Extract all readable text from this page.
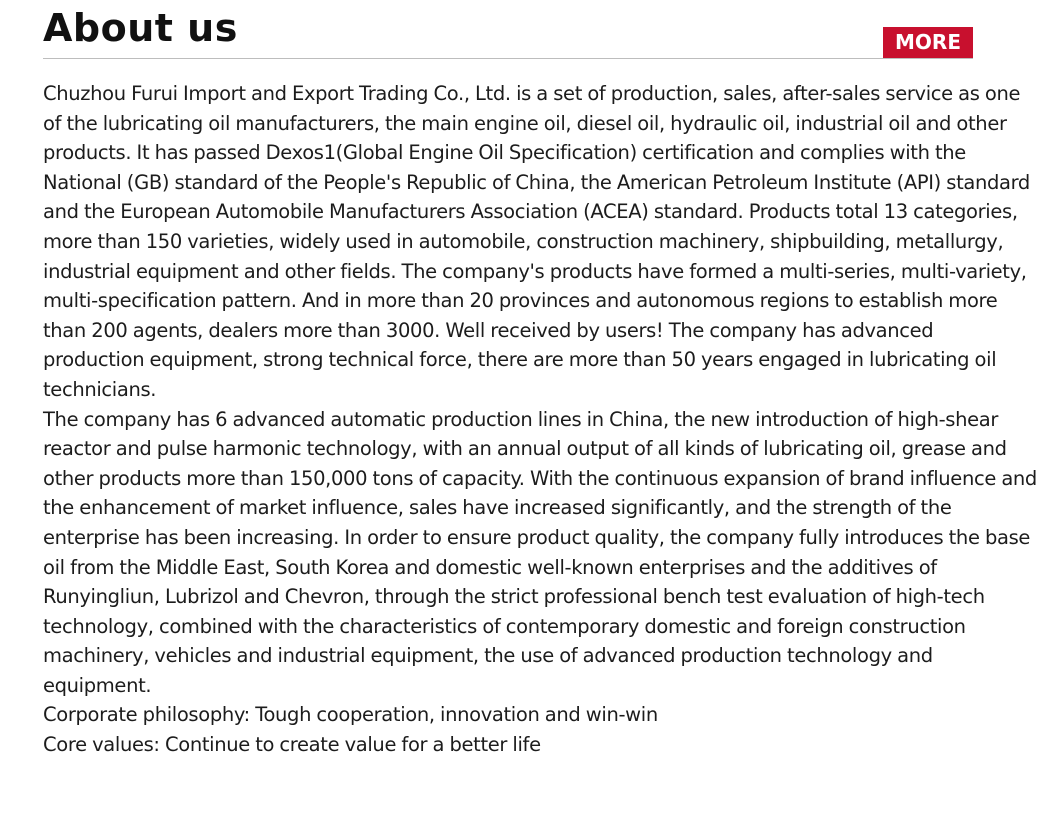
About us	MORE

Chuzhou Furui Import and Export Trading Co., Ltd. is a set of production, sales, after-sales service as one of the lubricating oil manufacturers, the main engine oil, diesel oil, hydraulic oil, industrial oil and other products. It has passed Dexos1(Global Engine Oil Specification) certification and complies with the National (GB) standard of the People's Republic of China, the American Petroleum Institute (API) standard and the European Automobile Manufacturers Association (ACEA) standard. Products total 13 categories, more than 150 varieties, widely used in automobile, construction machinery, shipbuilding, metallurgy, industrial equipment and other fields. The company's products have formed a multi-series, multi-variety, multi-specification pattern. And in more than 20 provinces and autonomous regions to establish more than 200 agents, dealers more than 3000. Well received by users! The company has advanced production equipment, strong technical force, there are more than 50 years engaged in lubricating oil technicians.

The company has 6 advanced automatic production lines in China, the new introduction of high-shear reactor and pulse harmonic technology, with an annual output of all kinds of lubricating oil, grease and other products more than 150,000 tons of capacity. With the continuous expansion of brand influence and the enhancement of market influence, sales have increased significantly, and the strength of the enterprise has been increasing. In order to ensure product quality, the company fully introduces the base oil from the Middle East, South Korea and domestic well-known enterprises and the additives of Runyingliun, Lubrizol and Chevron, through the strict professional bench test evaluation of high-tech technology, combined with the characteristics of contemporary domestic and foreign construction machinery, vehicles and industrial equipment, the use of advanced production technology and equipment.

Corporate philosophy: Tough cooperation, innovation and win-win

Core values: Continue to create value for a better life
